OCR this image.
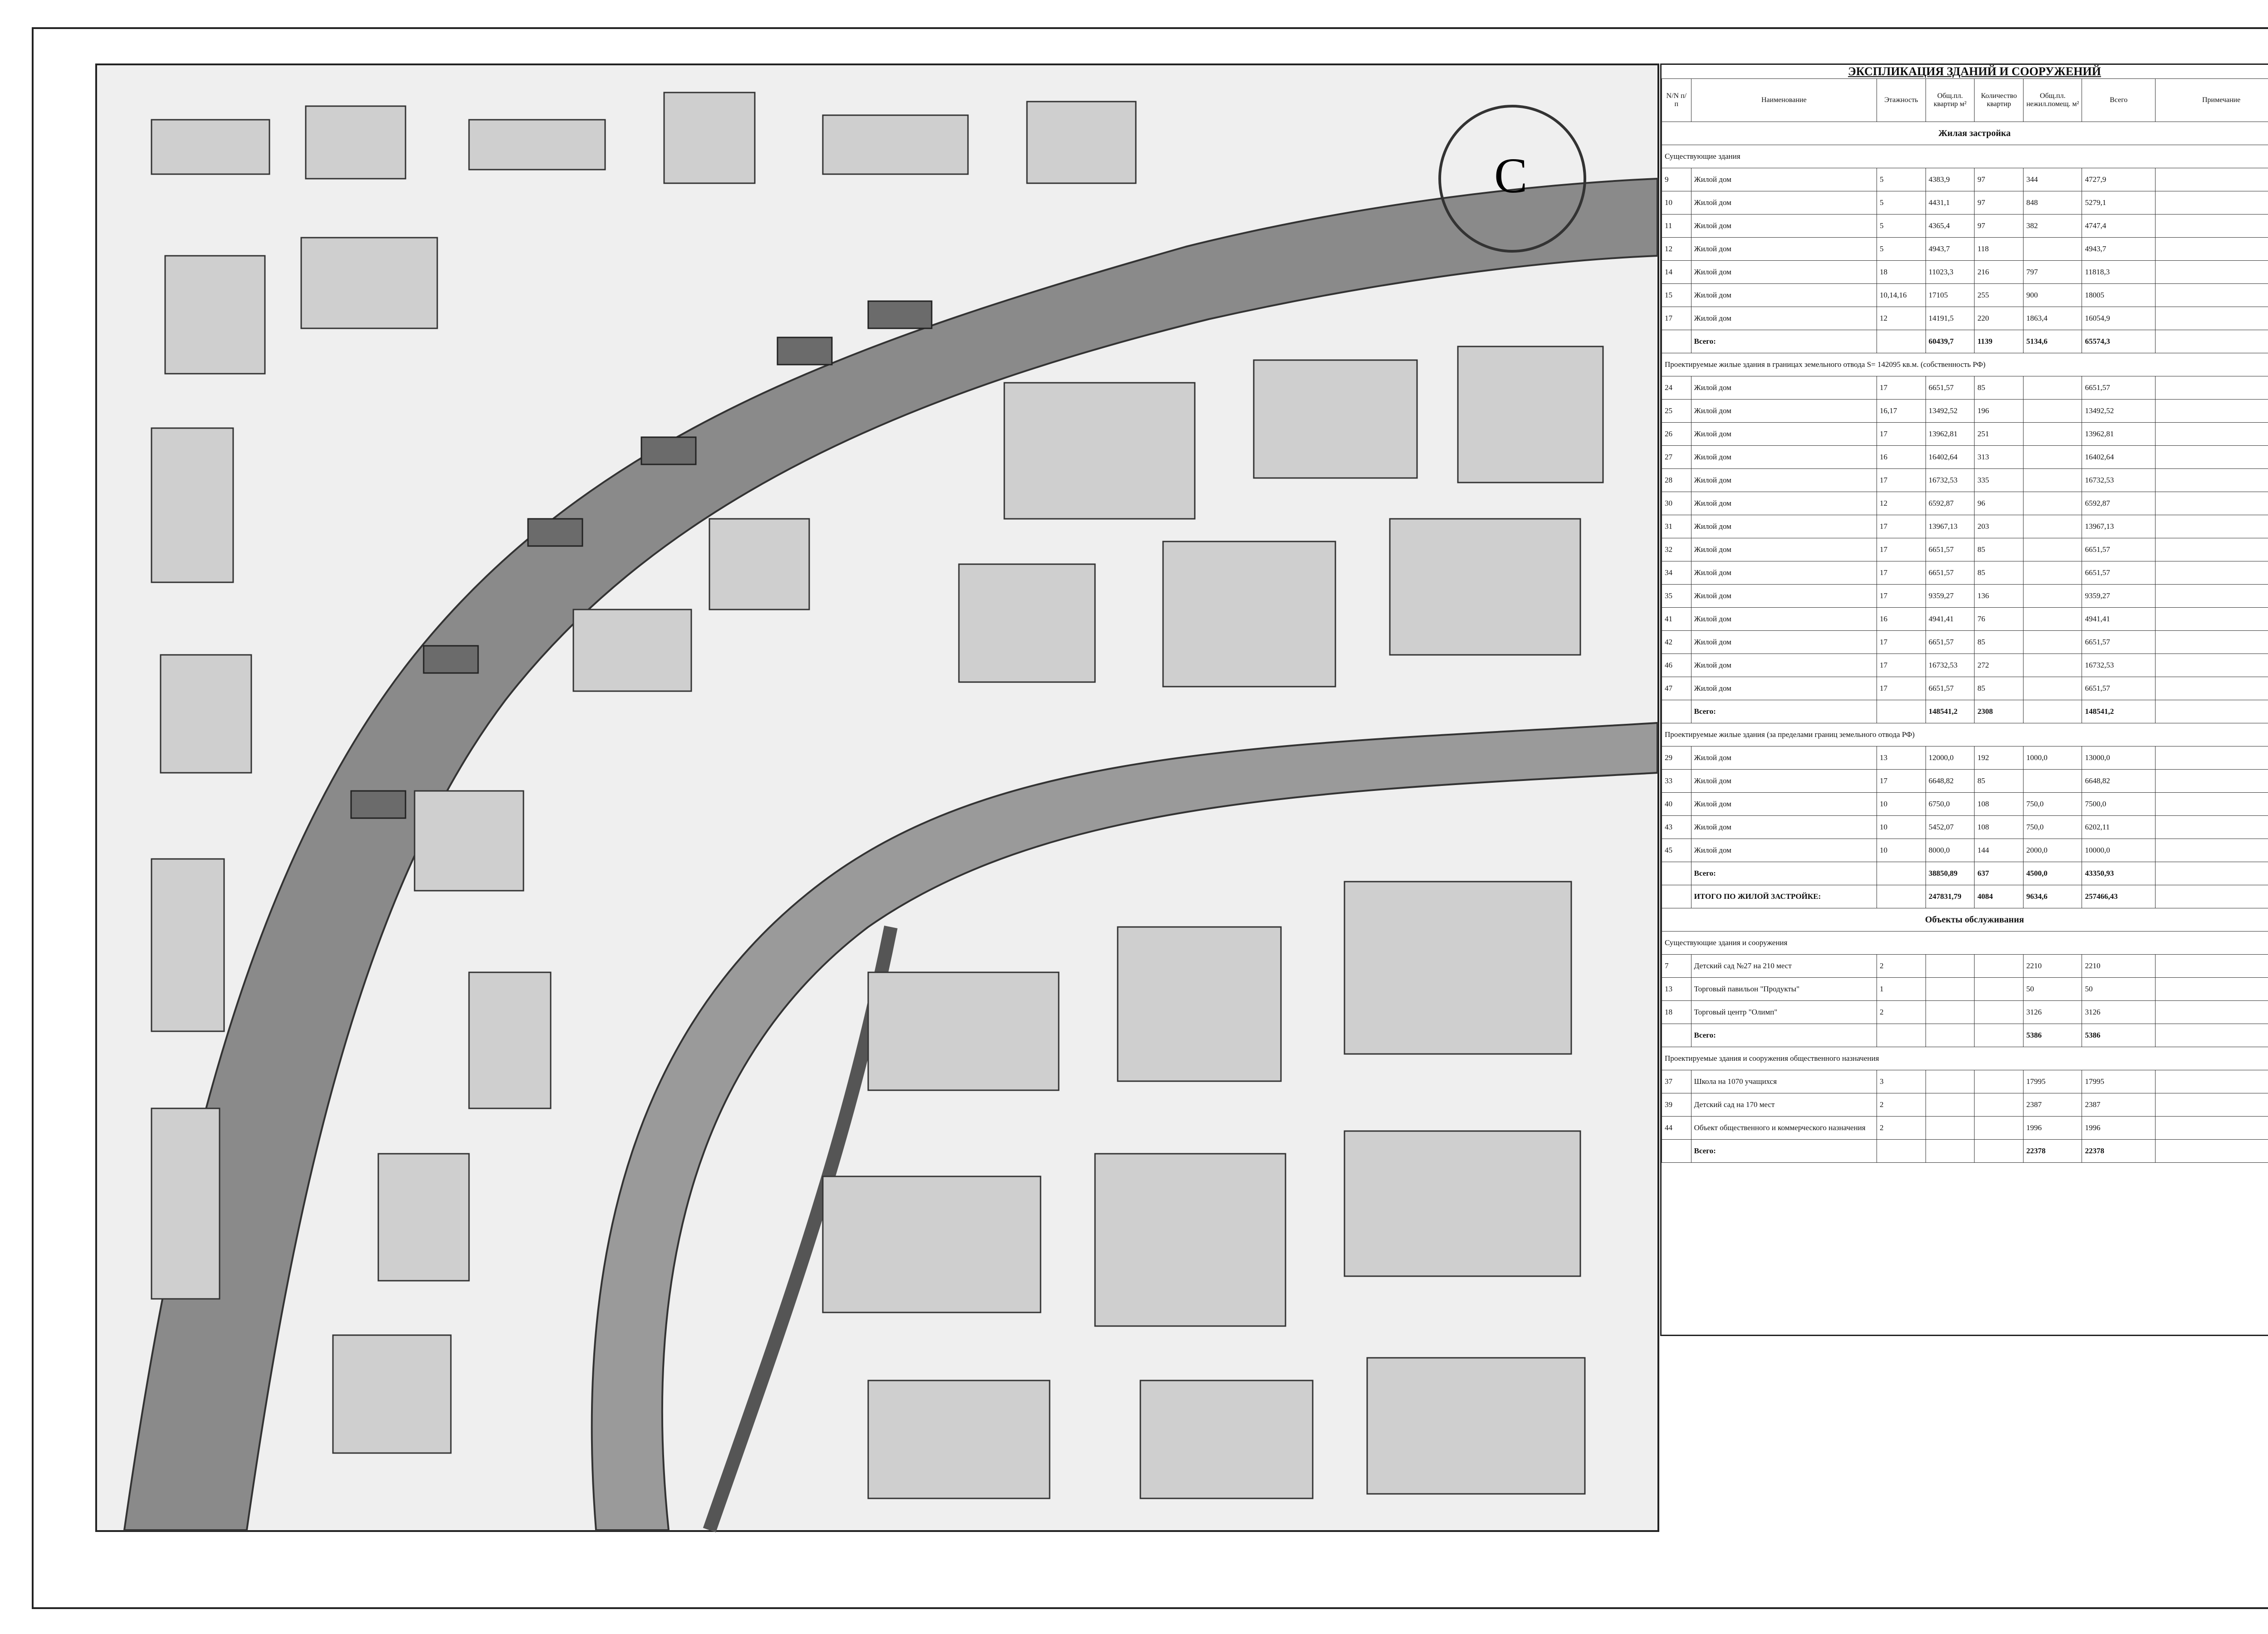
C
ЭКСПЛИКАЦИЯ ЗДАНИЙ И СООРУЖЕНИЙ
N/N п/п	Наименование	Этажность	Общ.пл. квартир м²	Количество квартир	Общ.пл. нежил.помещ. м²	Всего	Примечание
Жилая застройка							
Существующие здания							
9	Жилой дом	5	4383,9	97	344	4727,9	
10	Жилой дом	5	4431,1	97	848	5279,1	
11	Жилой дом	5	4365,4	97	382	4747,4	
12	Жилой дом	5	4943,7	118		4943,7	
14	Жилой дом	18	11023,3	216	797	11818,3	
15	Жилой дом	10,14,16	17105	255	900	18005	
17	Жилой дом	12	14191,5	220	1863,4	16054,9	
	Всего:		60439,7	1139	5134,6	65574,3	
Проектируемые жилые здания в границах земельного отвода S= 142095 кв.м. (собственность РФ)							
24	Жилой дом	17	6651,57	85		6651,57	
25	Жилой дом	16,17	13492,52	196		13492,52	
26	Жилой дом	17	13962,81	251		13962,81	
27	Жилой дом	16	16402,64	313		16402,64	
28	Жилой дом	17	16732,53	335		16732,53	
30	Жилой дом	12	6592,87	96		6592,87	
31	Жилой дом	17	13967,13	203		13967,13	
32	Жилой дом	17	6651,57	85		6651,57	
34	Жилой дом	17	6651,57	85		6651,57	
35	Жилой дом	17	9359,27	136		9359,27	
41	Жилой дом	16	4941,41	76		4941,41	
42	Жилой дом	17	6651,57	85		6651,57	
46	Жилой дом	17	16732,53	272		16732,53	
47	Жилой дом	17	6651,57	85		6651,57	
	Всего:		148541,2	2308		148541,2	
Проектируемые жилые здания (за пределами границ земельного отвода РФ)							
29	Жилой дом	13	12000,0	192	1000,0	13000,0	
33	Жилой дом	17	6648,82	85		6648,82	
40	Жилой дом	10	6750,0	108	750,0	7500,0	
43	Жилой дом	10	5452,07	108	750,0	6202,11	
45	Жилой дом	10	8000,0	144	2000,0	10000,0	
	Всего:		38850,89	637	4500,0	43350,93	
	ИТОГО ПО ЖИЛОЙ ЗАСТРОЙКЕ:		247831,79	4084	9634,6	257466,43	
Объекты обслуживания							
Существующие здания и сооружения							
7	Детский сад №27 на 210 мест	2			2210	2210	
13	Торговый павильон "Продукты"	1			50	50	
18	Торговый центр "Олимп"	2			3126	3126	
	Всего:				5386	5386	
Проектируемые здания и сооружения общественного назначения							
37	Школа на 1070 учащихся	3			17995	17995	
39	Детский сад на 170 мест	2			2387	2387	
44	Объект общественного и коммерческого назначения	2			1996	1996	
	Всего:				22378	22378	
